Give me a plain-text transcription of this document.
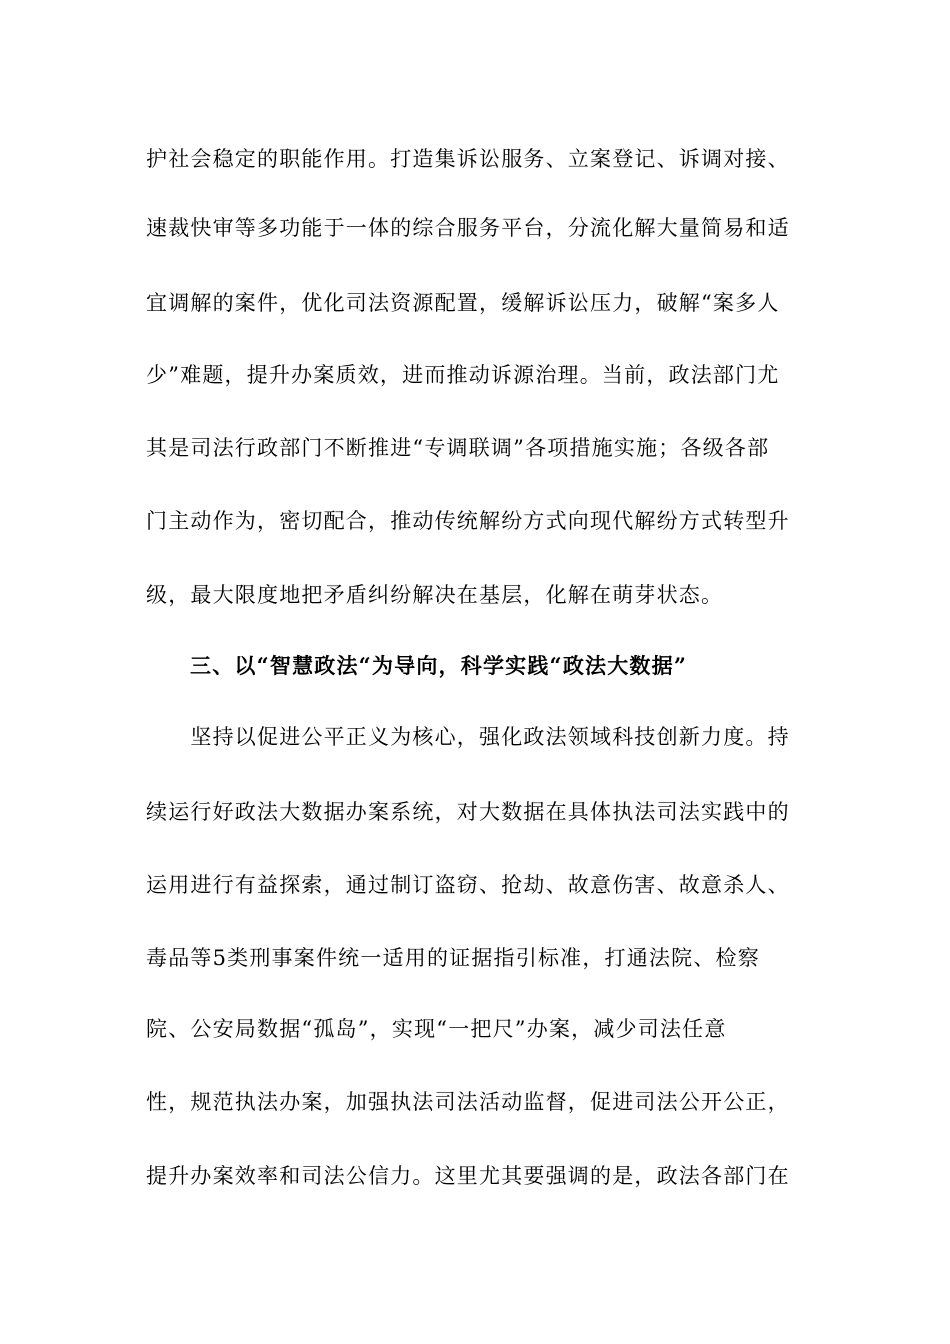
护社会稳定的职能作用。打造集诉讼服务、立案登记、诉调对接、
速裁快审等多功能于一体的综合服务平台，分流化解大量简易和适
宜调解的案件，优化司法资源配置，缓解诉讼压力，破解“案多人
少”难题，提升办案质效，进而推动诉源治理。当前，政法部门尤
其是司法行政部门不断推进“专调联调”各项措施实施；各级各部
门主动作为，密切配合，推动传统解纷方式向现代解纷方式转型升
级，最大限度地把矛盾纠纷解决在基层，化解在萌芽状态。
三、以“智慧政法“为导向，科学实践“政法大数据”
　　坚持以促进公平正义为核心，强化政法领域科技创新力度。持
续运行好政法大数据办案系统，对大数据在具体执法司法实践中的
运用进行有益探索，通过制订盗窃、抢劫、故意伤害、故意杀人、
毒品等5类刑事案件统一适用的证据指引标准，打通法院、检察
院、公安局数据“孤岛”，实现“一把尺”办案，减少司法任意
性，规范执法办案，加强执法司法活动监督，促进司法公开公正，
提升办案效率和司法公信力。这里尤其要强调的是，政法各部门在
